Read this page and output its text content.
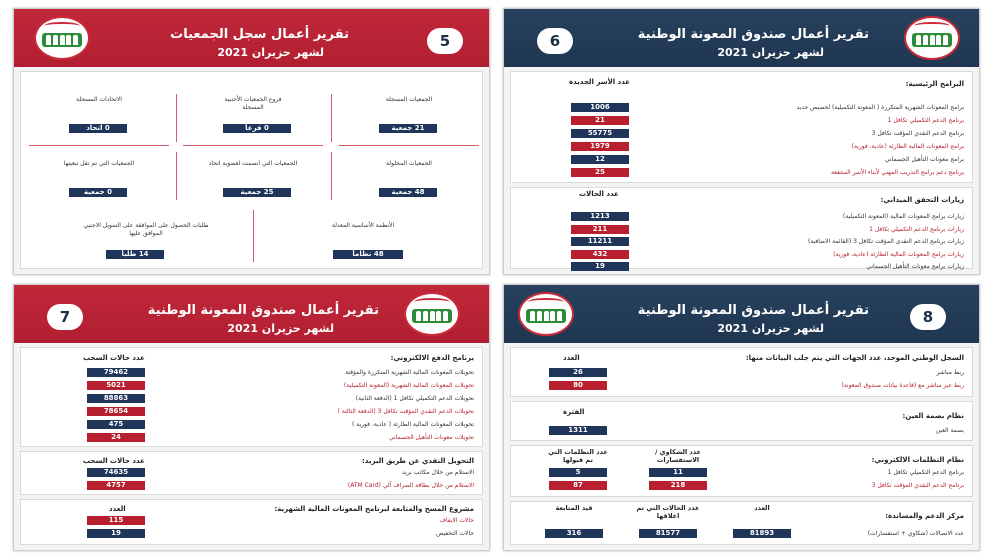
تقرير أعمال سجل الجمعيات
لشهر حزيران 2021
5
الجمعيات المسجلة
21 جمعية
فروع الجمعيات الأجنبية المسجلة
0 فرعاً
الاتحادات المسجلة
0 اتحاد
الجمعيات المحلولة
48 جمعية
الجمعيات التي انضمت لعضوية اتحاد
25 جمعية
الجمعيات التي تم نقل تبعيتها
0 جمعية
الأنظمة الأساسية المعدلة
48 نظاماً
طلبات الحصول على الموافقة على التمويل الاجنبي الموافق عليها
14 طلباً
6	تقرير أعمال صندوق المعونة الوطنية
لشهر حزيران 2021
البرامج الرئيسية:
عدد الأسر الجديدة
برامج المعونات الشهرية المتكررة ( المعونة التكميلية) لخصيص جديد
1006
برنامج الدعم التكميلي تكافل 1
21
برنامج الدعم النقدي المؤقت تكافل 3
55775
برامج المعونات المالية الطارئة (عادية، فورية)
1979
برامج معونات التأهيل الجسماني
12
برنامج دعم برامج التدريب المهني لأبناء الأسر المنتفعة
25
زيارات التحقق الميداني:
عدد الحالات
زيارات برامج المعونات المالية (المعونة التكميلية)
1213
زيارات برنامج الدعم التكميلي تكافل 1
211
زيارات برنامج الدعم النقدي المؤقت تكافل 3 (القائمة الاضافية)
11211
زيارات برامج المعونات المالية الطارئة (عادية، فورية)
432
زيارات برامج معونات التأهيل الجسماني
19
7	تقرير أعمال صندوق المعونة الوطنية
لشهر حزيران 2021
برنامج الدفع الالكتروني:
عدد حالات السحب
تحويلات المعونات المالية الشهرية المتكررة والمؤقتة
79462
تحويلات المعونات المالية الشهرية (المعونة التكميلية)
5021
تحويلات الدعم التكميلي تكافل 1 (الدفعة الثانية)
88863
تحويلات الدعم النقدي المؤقت تكافل 3 (الدفعة الثالثة )
78654
تحويلات المعونات المالية الطارئة ( عادية، فورية )
475
تحويلات معونات التأهيل الجسماني
24
التحويل النقدي عن طريق البريد:
عدد حالات السحب
الاستلام من خلال مكاتب بريد
74635
الاستلام من خلال بطاقة الصراف آلي (ATM Card)
4757
مشروع المسح والمتابعة لبرنامج المعونات المالية الشهرية:
العدد
حالات الايقاف
115
حالات التخفيض
19
تقرير أعمال صندوق المعونة الوطنية
لشهر حزيران 2021
8
السجل الوطني الموحد، عدد الجهات التي يتم جلب البيانات منها:
العدد
ربط مباشر
26
ربط غير مباشر مع (قاعدة بيانات صندوق المعونة)
80
نظام بصمة العين:
الفترة
بصمة العين
1311
نظام التظلمات الالكتروني:
عدد الشكاوي / الاستفسارات
عدد التظلمات التي تم قبولها
برنامج الدعم التكميلي تكافل 1
11
5
برنامج الدعم النقدي المؤقت تكافل 3
218
87
مركز الدعم والمساندة:
عدد الاتصالات (شكاوي + استفسارات)
العدد
81893
عدد الحالات التي تم اغلاقها
81577
قيد المتابعة
316
